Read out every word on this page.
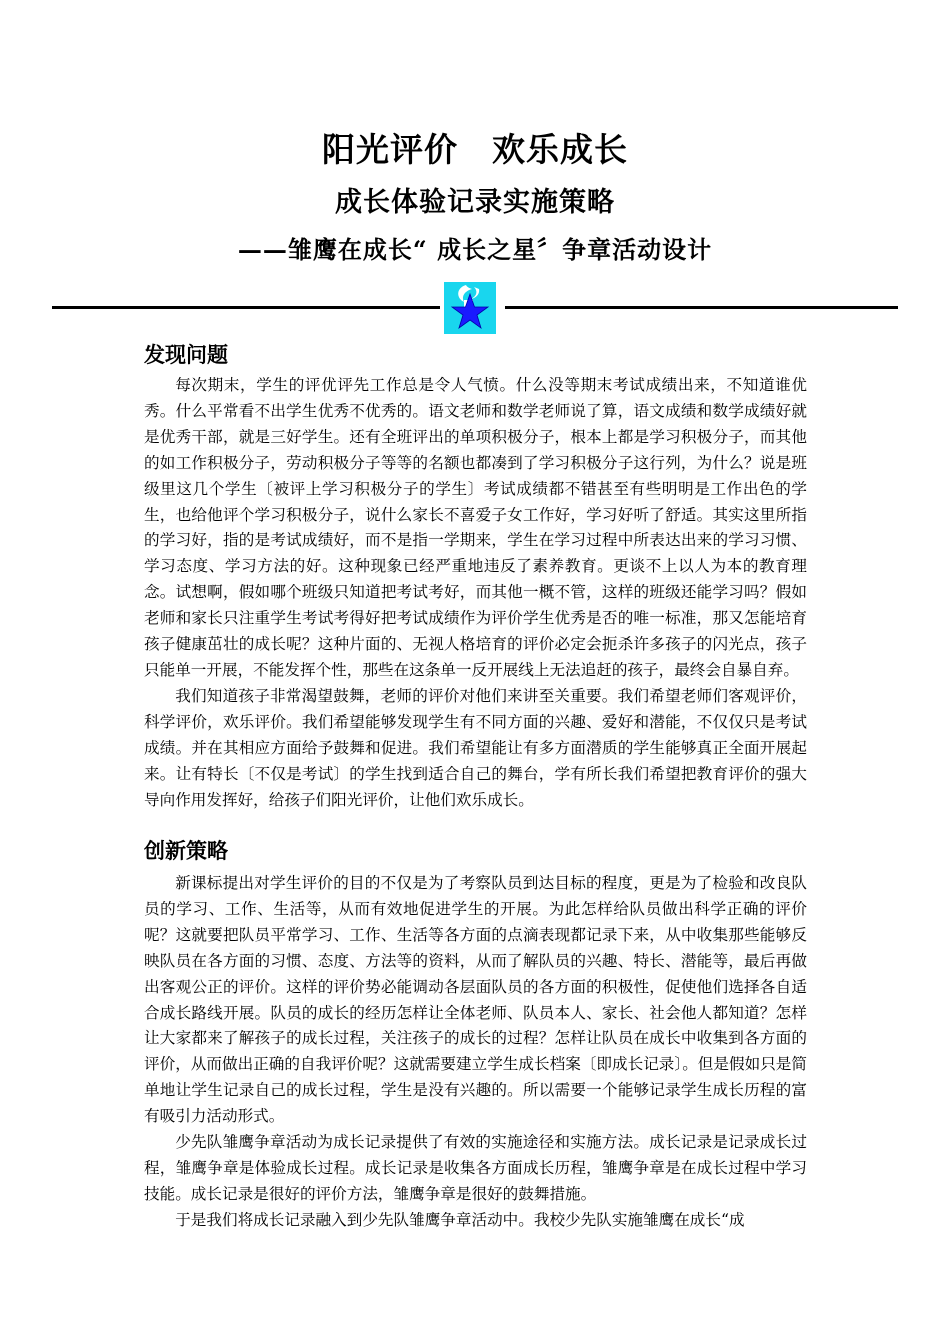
阳光评价　欢乐成长
成长体验记录实施策略
——雏鹰在成长“ 成长之星〞争章活动设计
发现问题

每次期末，学生的评优评先工作总是令人气愤。什么没等期末考试成绩出来，不知道谁优秀。什么平常看不出学生优秀不优秀的。语文老师和数学老师说了算，语文成绩和数学成绩好就是优秀干部，就是三好学生。还有全班评出的单项积极分子，根本上都是学习积极分子，而其他的如工作积极分子，劳动积极分子等等的名额也都凑到了学习积极分子这行列，为什么？说是班级里这几个学生〔被评上学习积极分子的学生〕考试成绩都不错甚至有些明明是工作出色的学生，也给他评个学习积极分子，说什么家长不喜爱子女工作好，学习好听了舒适。其实这里所指的学习好，指的是考试成绩好，而不是指一学期来，学生在学习过程中所表达出来的学习习惯、学习态度、学习方法的好。这种现象已经严重地违反了素养教育。更谈不上以人为本的教育理念。试想啊，假如哪个班级只知道把考试考好，而其他一概不管，这样的班级还能学习吗？假如老师和家长只注重学生考试考得好把考试成绩作为评价学生优秀是否的唯一标准，那又怎能培育孩子健康茁壮的成长呢？这种片面的、无视人格培育的评价必定会扼杀许多孩子的闪光点，孩子只能单一开展，不能发挥个性，那些在这条单一反开展线上无法追赶的孩子，最终会自暴自弃。

我们知道孩子非常渴望鼓舞，老师的评价对他们来讲至关重要。我们希望老师们客观评价，科学评价，欢乐评价。我们希望能够发现学生有不同方面的兴趣、爱好和潜能，不仅仅只是考试成绩。并在其相应方面给予鼓舞和促进。我们希望能让有多方面潜质的学生能够真正全面开展起来。让有特长〔不仅是考试〕的学生找到适合自己的舞台，学有所长我们希望把教育评价的强大导向作用发挥好，给孩子们阳光评价，让他们欢乐成长。

创新策略

新课标提出对学生评价的目的不仅是为了考察队员到达目标的程度，更是为了检验和改良队员的学习、工作、生活等，从而有效地促进学生的开展。为此怎样给队员做出科学正确的评价呢？这就要把队员平常学习、工作、生活等各方面的点滴表现都记录下来，从中收集那些能够反映队员在各方面的习惯、态度、方法等的资料，从而了解队员的兴趣、特长、潜能等，最后再做出客观公正的评价。这样的评价势必能调动各层面队员的各方面的积极性，促使他们选择各自适合成长路线开展。队员的成长的经历怎样让全体老师、队员本人、家长、社会他人都知道？怎样让大家都来了解孩子的成长过程，关注孩子的成长的过程？怎样让队员在成长中收集到各方面的评价，从而做出正确的自我评价呢？这就需要建立学生成长档案〔即成长记录〕。但是假如只是简单地让学生记录自己的成长过程，学生是没有兴趣的。所以需要一个能够记录学生成长历程的富有吸引力活动形式。

少先队雏鹰争章活动为成长记录提供了有效的实施途径和实施方法。成长记录是记录成长过程，雏鹰争章是体验成长过程。成长记录是收集各方面成长历程，雏鹰争章是在成长过程中学习技能。成长记录是很好的评价方法，雏鹰争章是很好的鼓舞措施。

于是我们将成长记录融入到少先队雏鹰争章活动中。我校少先队实施雏鹰在成长“成
